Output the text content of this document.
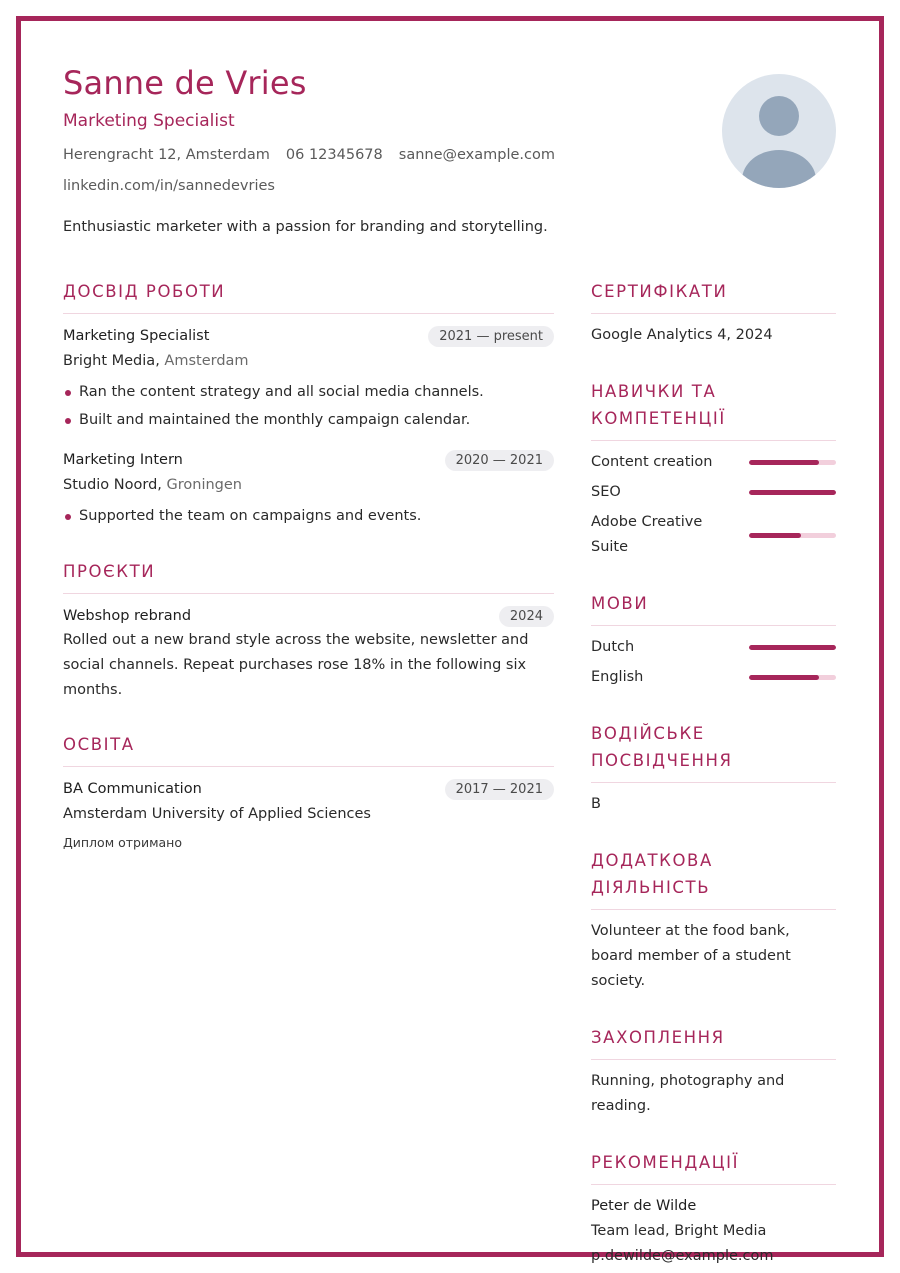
Sanne de Vries
Marketing Specialist
Herengracht 12, Amsterdam 06 12345678 sanne@example.com
linkedin.com/in/sannedevries
Enthusiastic marketer with a passion for branding and storytelling.
ДОСВІД РОБОТИ
Marketing Specialist	2021 — present
Bright Media, Amsterdam
Ran the content strategy and all social media channels.
Built and maintained the monthly campaign calendar.
Marketing Intern	2020 — 2021
Studio Noord, Groningen
Supported the team on campaigns and events.
ПРОЄКТИ
Webshop rebrand	2024
Rolled out a new brand style across the website, newsletter and social channels. Repeat purchases rose 18% in the following six months.
ОСВІТА
BA Communication	2017 — 2021
Amsterdam University of Applied Sciences
Диплом отримано
СЕРТИФІКАТИ
Google Analytics 4, 2024
НАВИЧКИ ТА КОМПЕТЕНЦІЇ
Content creation
SEO
Adobe Creative Suite
МОВИ
Dutch
English
ВОДІЙСЬКЕ ПОСВІДЧЕННЯ
B
ДОДАТКОВА ДІЯЛЬНІСТЬ
Volunteer at the food bank, board member of a student society.
ЗАХОПЛЕННЯ
Running, photography and reading.
РЕКОМЕНДАЦІЇ
Peter de Wilde
Team lead, Bright Media
p.dewilde@example.com
